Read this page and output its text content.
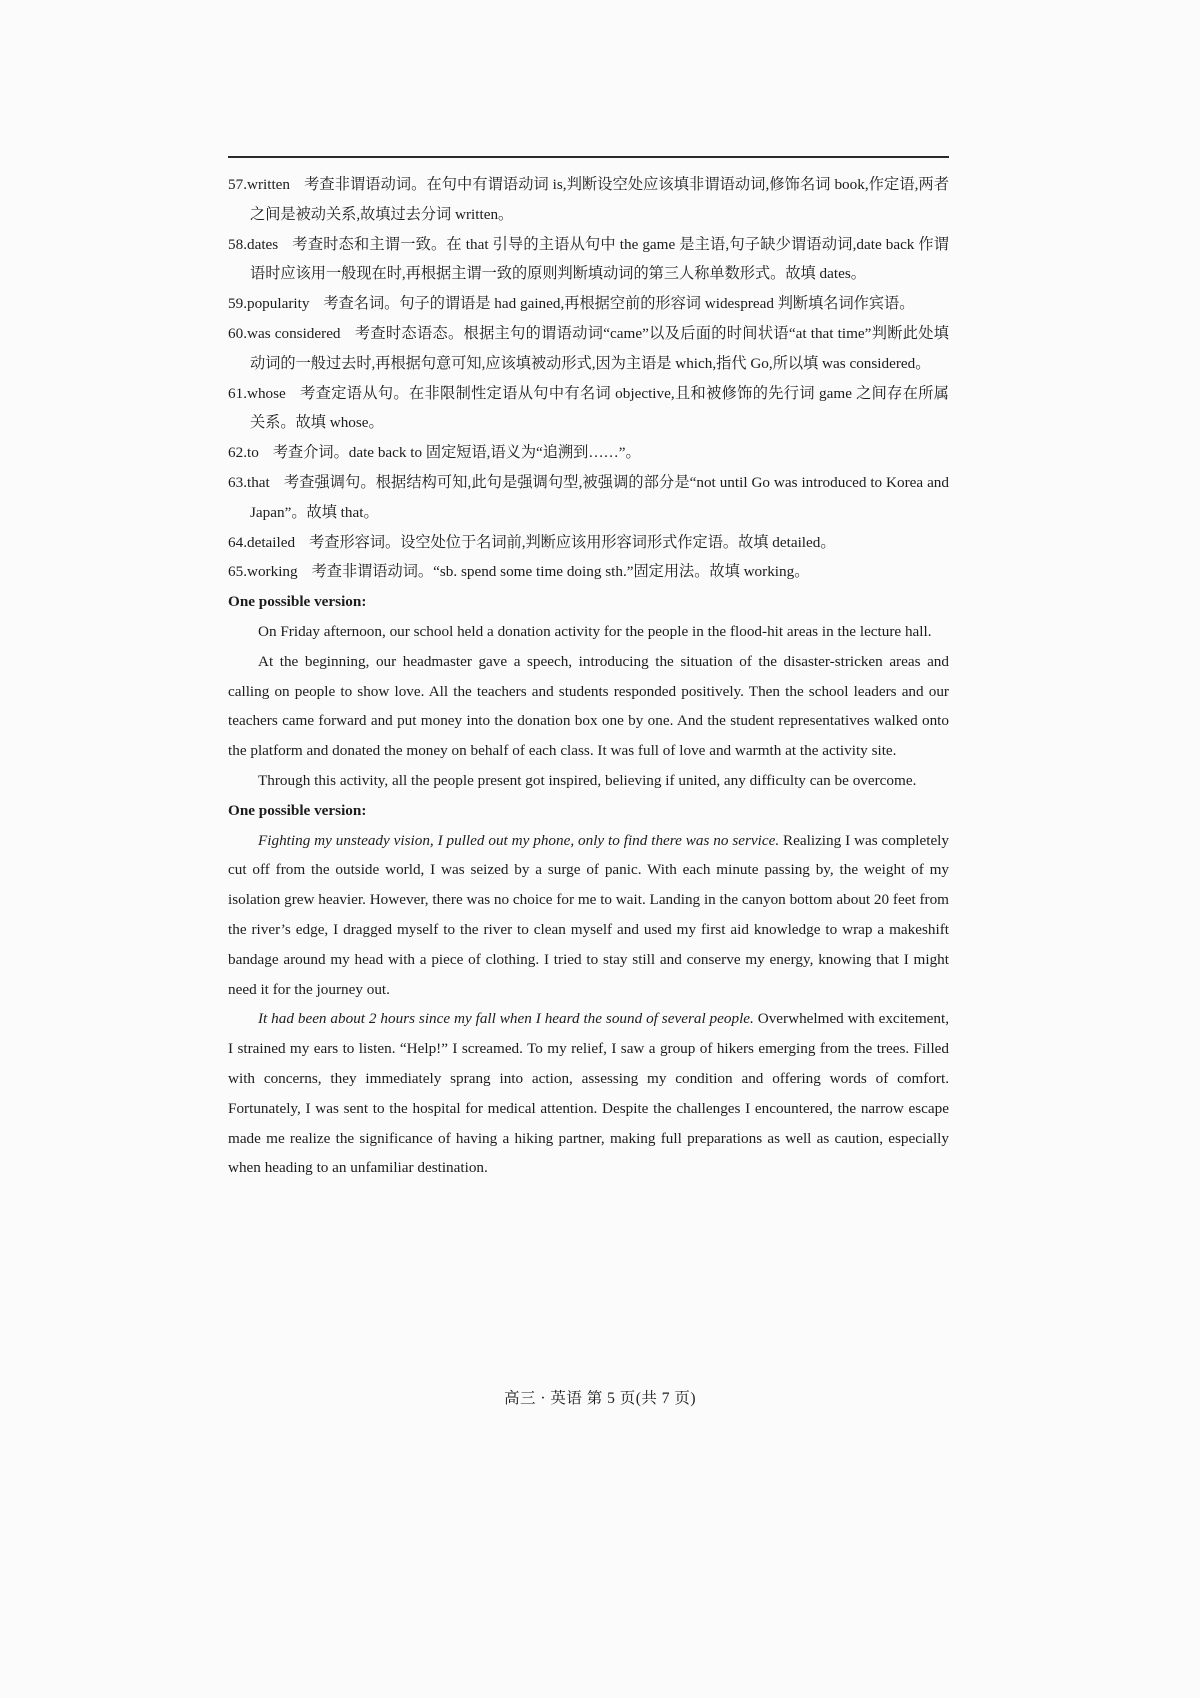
57.written 考查非谓语动词。在句中有谓语动词 is,判断设空处应该填非谓语动词,修饰名词 book,作定语,两者之间是被动关系,故填过去分词 written。

58.dates 考查时态和主谓一致。在 that 引导的主语从句中 the game 是主语,句子缺少谓语动词,date back 作谓语时应该用一般现在时,再根据主谓一致的原则判断填动词的第三人称单数形式。故填 dates。

59.popularity 考查名词。句子的谓语是 had gained,再根据空前的形容词 widespread 判断填名词作宾语。

60.was considered 考查时态语态。根据主句的谓语动词“came”以及后面的时间状语“at that time”判断此处填动词的一般过去时,再根据句意可知,应该填被动形式,因为主语是 which,指代 Go,所以填 was considered。

61.whose 考查定语从句。在非限制性定语从句中有名词 objective,且和被修饰的先行词 game 之间存在所属关系。故填 whose。

62.to 考查介词。date back to 固定短语,语义为“追溯到……”。

63.that 考查强调句。根据结构可知,此句是强调句型,被强调的部分是“not until Go was introduced to Korea and Japan”。故填 that。

64.detailed 考查形容词。设空处位于名词前,判断应该用形容词形式作定语。故填 detailed。

65.working 考查非谓语动词。“sb. spend some time doing sth.”固定用法。故填 working。

One possible version:

On Friday afternoon, our school held a donation activity for the people in the flood-hit areas in the lecture hall.

At the beginning, our headmaster gave a speech, introducing the situation of the disaster-stricken areas and calling on people to show love. All the teachers and students responded positively. Then the school leaders and our teachers came forward and put money into the donation box one by one. And the student representatives walked onto the platform and donated the money on behalf of each class. It was full of love and warmth at the activity site.

Through this activity, all the people present got inspired, believing if united, any difficulty can be overcome.

One possible version:

Fighting my unsteady vision, I pulled out my phone, only to find there was no service. Realizing I was completely cut off from the outside world, I was seized by a surge of panic. With each minute passing by, the weight of my isolation grew heavier. However, there was no choice for me to wait. Landing in the canyon bottom about 20 feet from the river’s edge, I dragged myself to the river to clean myself and used my first aid knowledge to wrap a makeshift bandage around my head with a piece of clothing. I tried to stay still and conserve my energy, knowing that I might need it for the journey out.

It had been about 2 hours since my fall when I heard the sound of several people. Overwhelmed with excitement, I strained my ears to listen. “Help!” I screamed. To my relief, I saw a group of hikers emerging from the trees. Filled with concerns, they immediately sprang into action, assessing my condition and offering words of comfort. Fortunately, I was sent to the hospital for medical attention. Despite the challenges I encountered, the narrow escape made me realize the significance of having a hiking partner, making full preparations as well as caution, especially when heading to an unfamiliar destination.

高三 · 英语 第 5 页(共 7 页)
